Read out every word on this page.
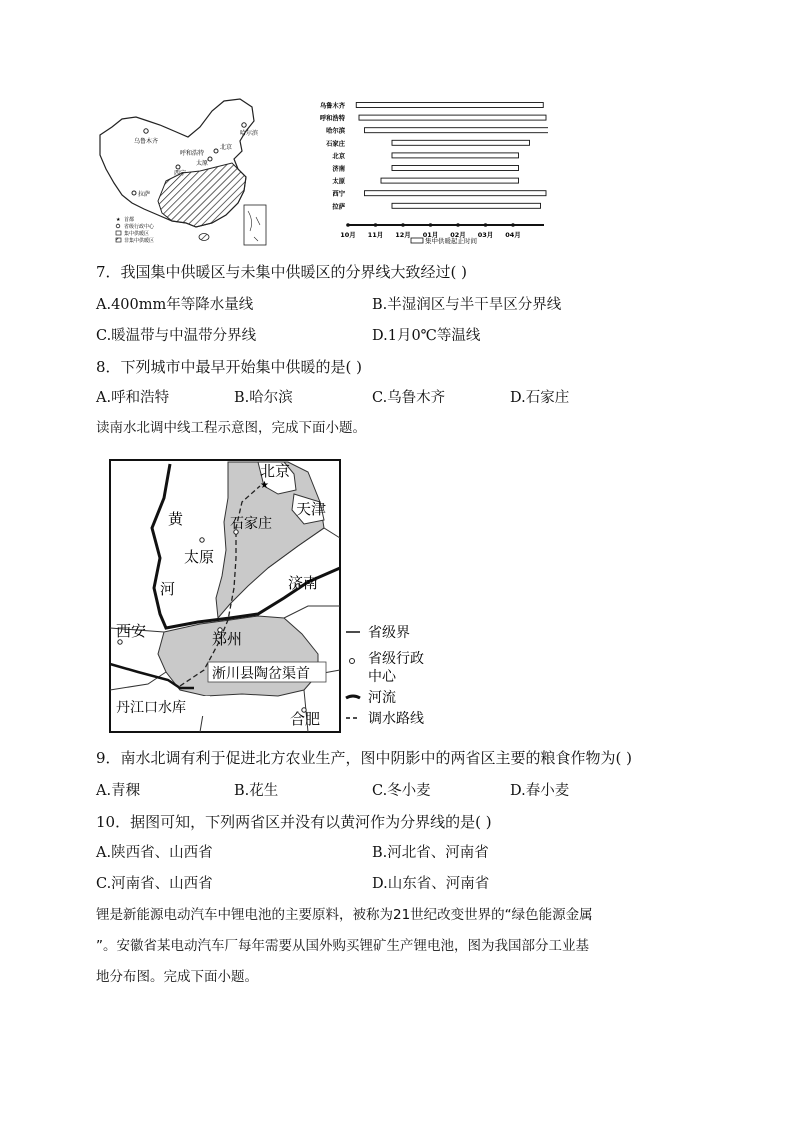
乌鲁木齐
哈尔滨
呼和浩特
北京
太原
西宁
拉萨
★ 首都
省级行政中心
集中供暖区
非集中供暖区
乌鲁木齐
呼和浩特
哈尔滨
石家庄
北京
济南
太原
西宁
拉萨
10月 11月 12月 01月 02月 03月 04月
集中供暖起止时间
7．我国集中供暖区与未集中供暖区的分界线大致经过( )
A.400mm年等降水量线	B.半湿润区与半干旱区分界线
C.暖温带与中温带分界线	D.1月0℃等温线
8．下列城市中最早开始集中供暖的是( )
A.呼和浩特	B.哈尔滨	C.乌鲁木齐	D.石家庄
读南水北调中线工程示意图，完成下面小题。
★
北京
天津
石家庄
黄
太原
河	济南
西安	郑州
淅川县陶岔渠首
丹江口水库
合肥
省级界
省级行政
中心
河流
调水路线
9．南水北调有利于促进北方农业生产，图中阴影中的两省区主要的粮食作物为( )
A.青稞	B.花生	C.冬小麦	D.春小麦
10．据图可知，下列两省区并没有以黄河作为分界线的是( )
A.陕西省、山西省	B.河北省、河南省
C.河南省、山西省	D.山东省、河南省
锂是新能源电动汽车中锂电池的主要原料，被称为21世纪改变世界的“绿色能源金属
”。安徽省某电动汽车厂每年需要从国外购买锂矿生产锂电池，图为我国部分工业基
地分布图。完成下面小题。
